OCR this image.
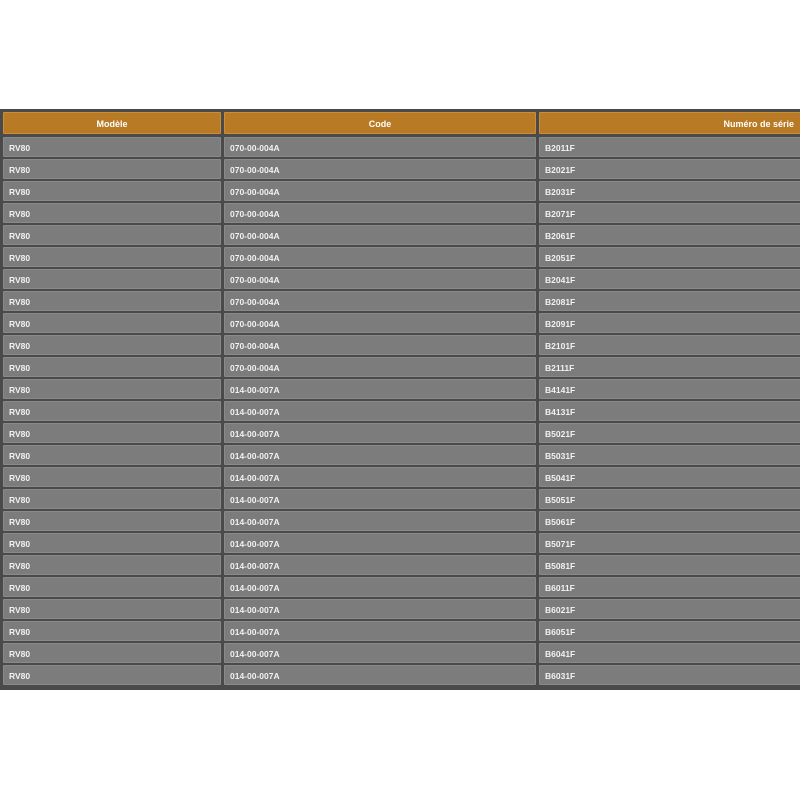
Modèle	Code	Numéro de série
RV80	070-00-004A	B2011F
RV80	070-00-004A	B2021F
RV80	070-00-004A	B2031F
RV80	070-00-004A	B2071F
RV80	070-00-004A	B2061F
RV80	070-00-004A	B2051F
RV80	070-00-004A	B2041F
RV80	070-00-004A	B2081F
RV80	070-00-004A	B2091F
RV80	070-00-004A	B2101F
RV80	070-00-004A	B2111F
RV80	014-00-007A	B4141F
RV80	014-00-007A	B4131F
RV80	014-00-007A	B5021F
RV80	014-00-007A	B5031F
RV80	014-00-007A	B5041F
RV80	014-00-007A	B5051F
RV80	014-00-007A	B5061F
RV80	014-00-007A	B5071F
RV80	014-00-007A	B5081F
RV80	014-00-007A	B6011F
RV80	014-00-007A	B6021F
RV80	014-00-007A	B6051F
RV80	014-00-007A	B6041F
RV80	014-00-007A	B6031F
